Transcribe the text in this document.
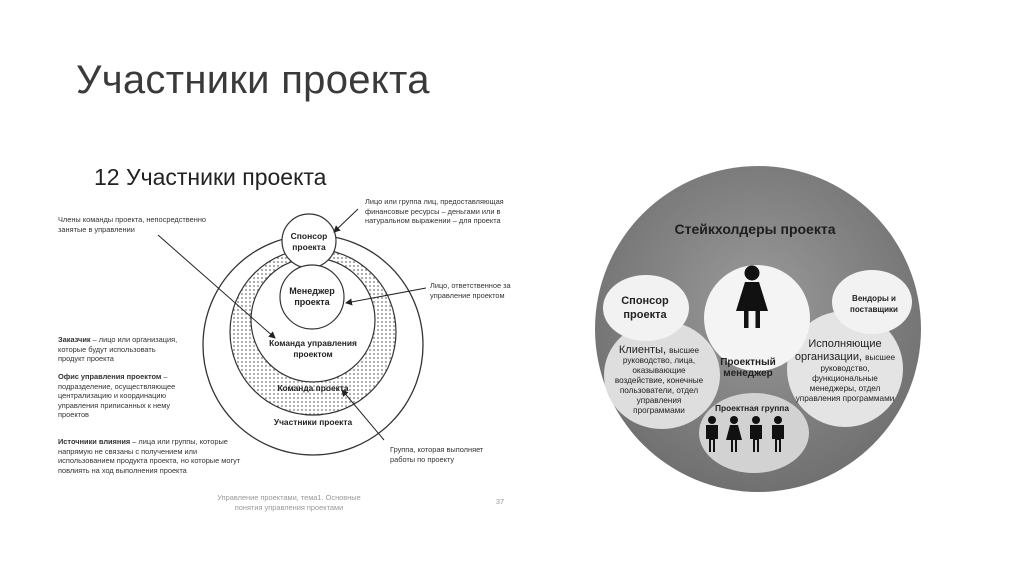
Участники проекта
12 Участники проекта
Спонсор проекта
Менеджер проекта
Команда управления проектом
Команда проекта
Участники проекта
Члены команды проекта, непосредственно занятые в управлении
Лицо или группа лиц, предоставляющая финансовые ресурсы – деньгами или в натуральном выражении – для проекта
Лицо, ответственное за управление проектом
Группа, которая выполняет работы по проекту
Заказчик – лицо или организация, которые будут использовать продукт проекта
Офис управления проектом – подразделение, осуществляющее централизацию и координацию управления приписанных к нему проектов
Источники влияния – лица или группы, которые напрямую не связаны с получением или использованием продукта проекта, но которые могут повлиять на ход выполнения проекта
Управление проектами, тема1. Основные понятия управления проектами
37
Стейкхолдеры проекта
Спонсор проекта
Вендоры и поставщики
Проектный менеджер
Проектная группа
Клиенты, высшее руководство, лица, оказывающие воздействие, конечные пользователи, отдел управления программами
Исполняющие организации, высшее руководство, функциональные менеджеры, отдел управления программами
